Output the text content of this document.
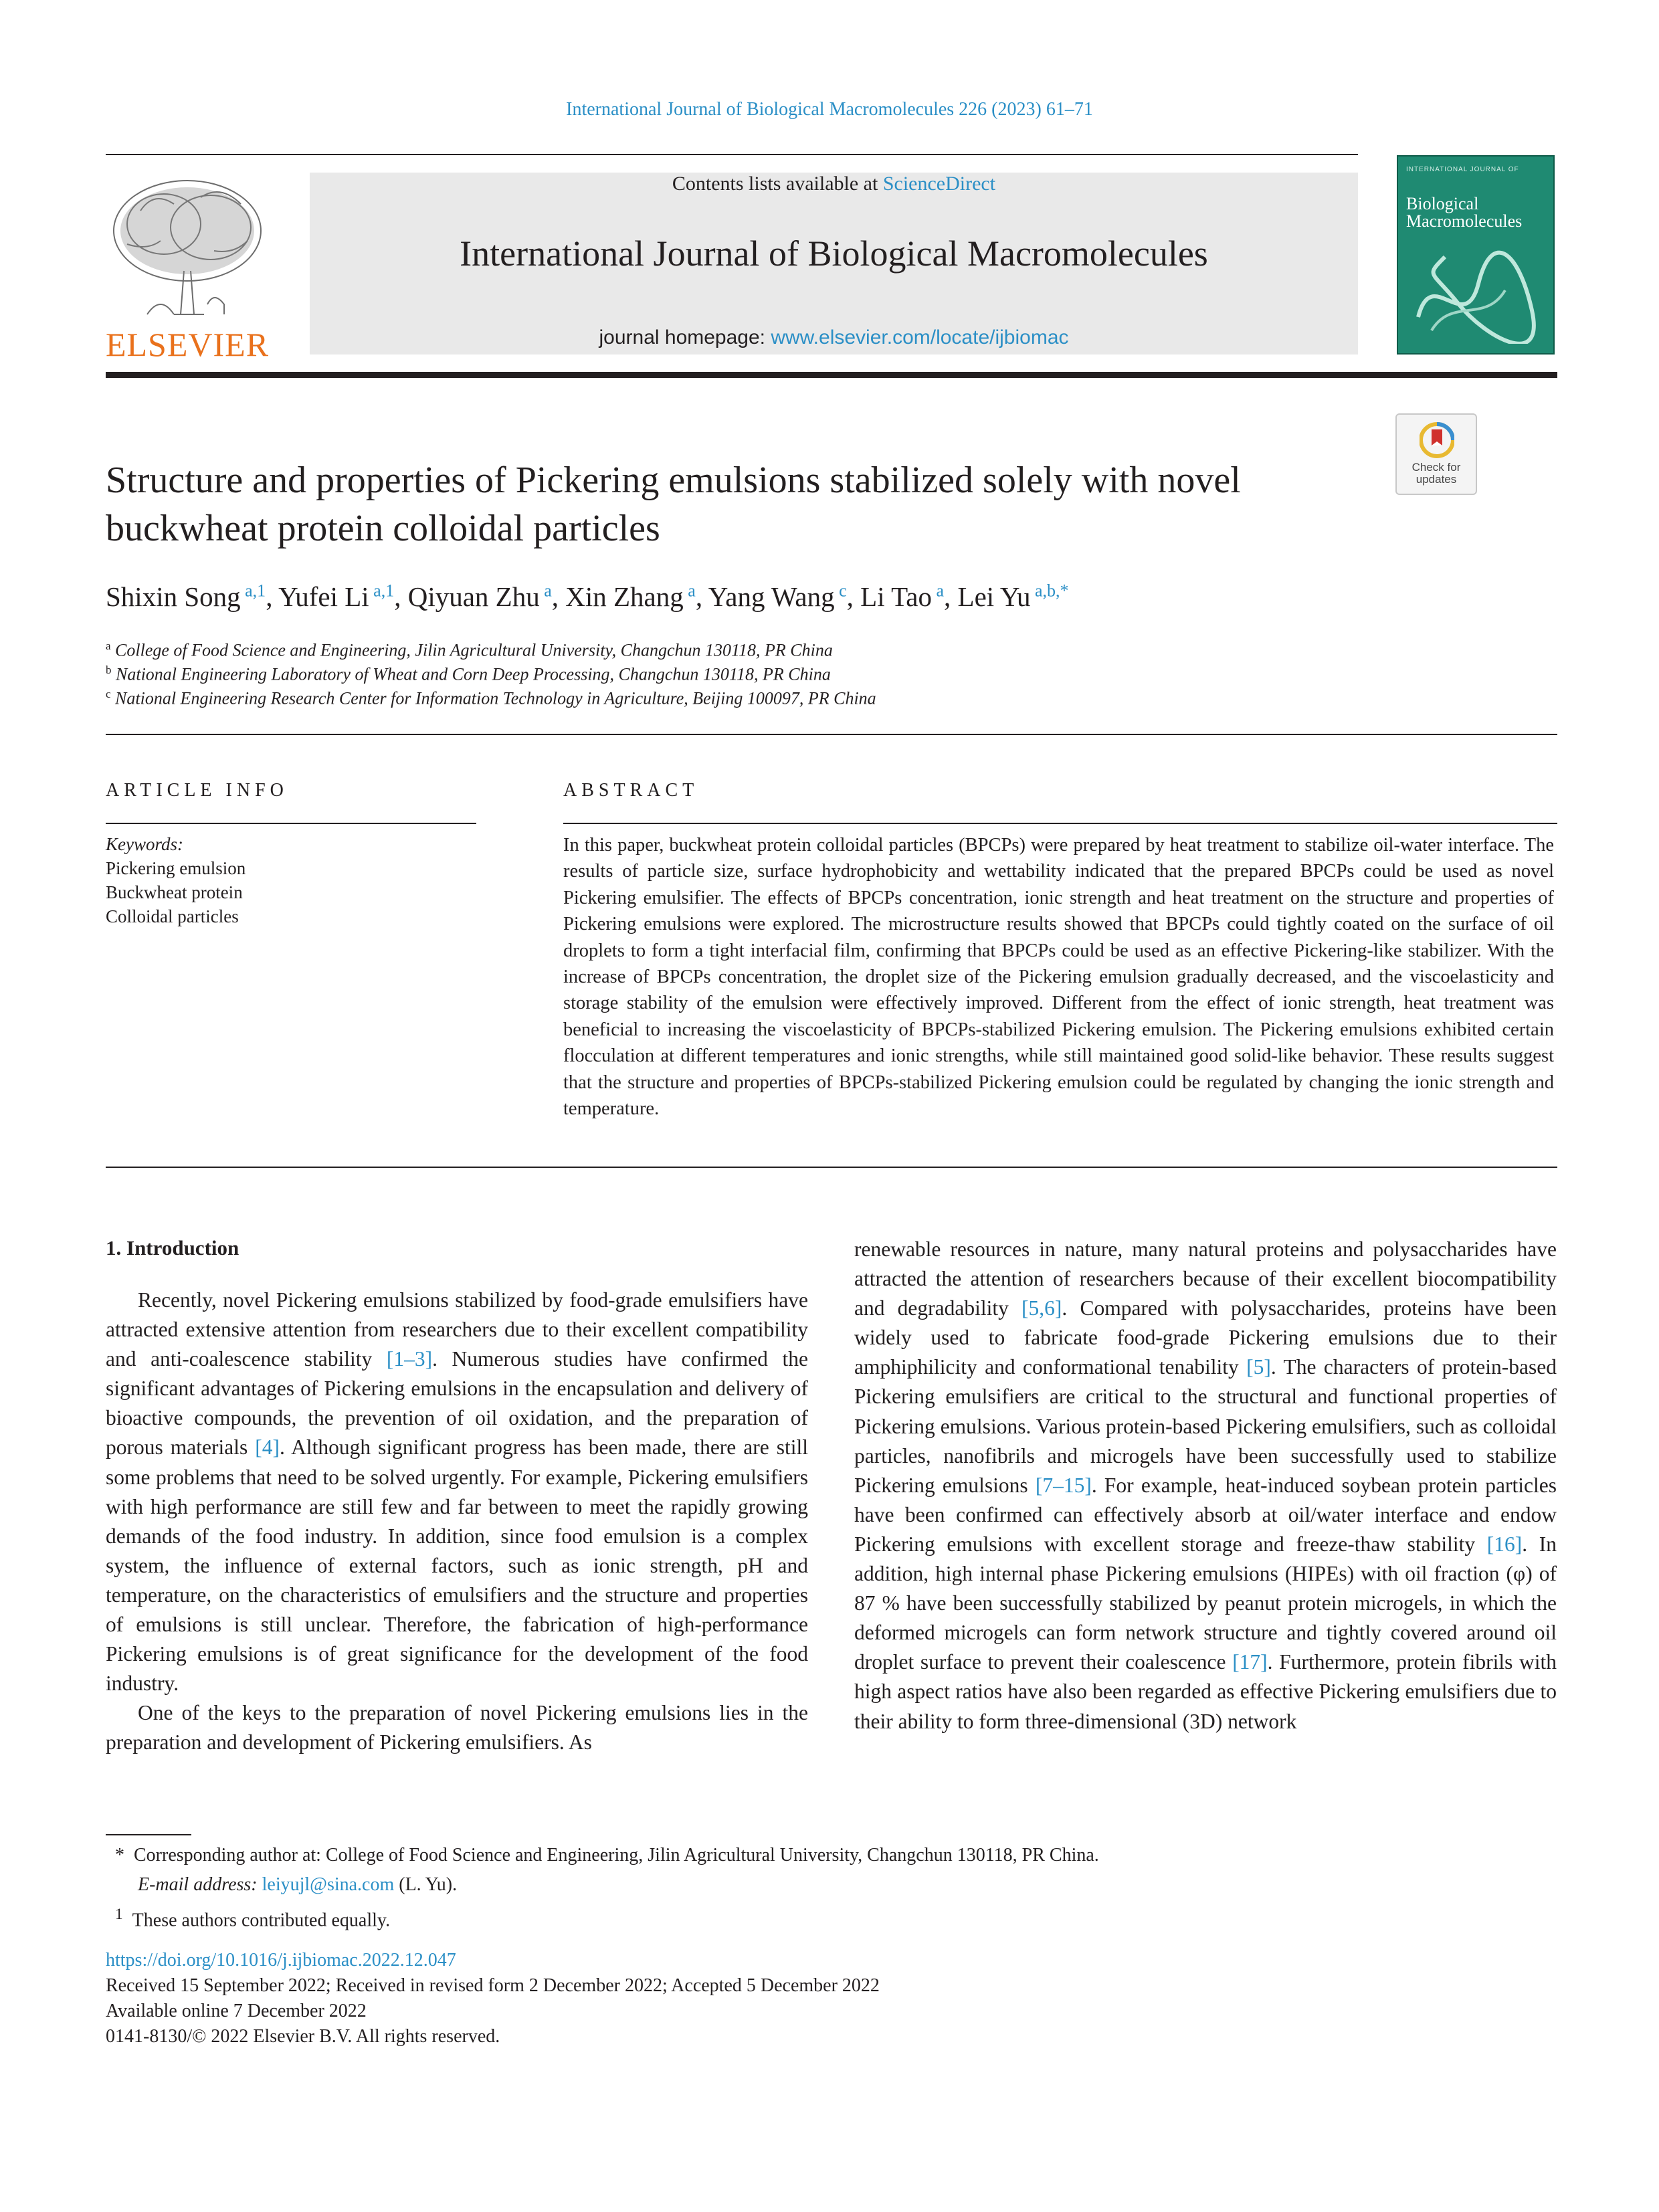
International Journal of Biological Macromolecules 226 (2023) 61–71
Contents lists available at ScienceDirect
International Journal of Biological Macromolecules
journal homepage: www.elsevier.com/locate/ijbiomac
ELSEVIER
INTERNATIONAL JOURNAL OF
Biological Macromolecules
Check for updates
Structure and properties of Pickering emulsions stabilized solely with novel buckwheat protein colloidal particles
Shixin Song $^{a,1}$, Yufei Li $^{a,1}$, Qiyuan Zhu $^a$, Xin Zhang $^a$, Yang Wang $^c$, Li Tao $^a$, Lei Yu $^{a,b,*}$
$^a$ College of Food Science and Engineering, Jilin Agricultural University, Changchun 130118, PR China
$^b$ National Engineering Laboratory of Wheat and Corn Deep Processing, Changchun 130118, PR China
$^c$ National Engineering Research Center for Information Technology in Agriculture, Beijing 100097, PR China
ARTICLE INFO
Keywords:
Pickering emulsion
Buckwheat protein
Colloidal particles
ABSTRACT
In this paper, buckwheat protein colloidal particles (BPCPs) were prepared by heat treatment to stabilize oil-water interface. The results of particle size, surface hydrophobicity and wettability indicated that the prepared BPCPs could be used as novel Pickering emulsifier. The effects of BPCPs concentration, ionic strength and heat treatment on the structure and properties of Pickering emulsions were explored. The microstructure results showed that BPCPs could tightly coated on the surface of oil droplets to form a tight interfacial film, confirming that BPCPs could be used as an effective Pickering-like stabilizer. With the increase of BPCPs concentration, the droplet size of the Pickering emulsion gradually decreased, and the viscoelasticity and storage stability of the emulsion were effectively improved. Different from the effect of ionic strength, heat treatment was beneficial to increasing the viscoelasticity of BPCPs-stabilized Pickering emulsion. The Pickering emulsions exhibited certain flocculation at different temperatures and ionic strengths, while still maintained good solid-like behavior. These results suggest that the structure and properties of BPCPs-stabilized Pickering emulsion could be regulated by changing the ionic strength and temperature.
1. Introduction

Recently, novel Pickering emulsions stabilized by food-grade emulsifiers have attracted extensive attention from researchers due to their excellent compatibility and anti-coalescence stability [1–3]. Numerous studies have confirmed the significant advantages of Pickering emulsions in the encapsulation and delivery of bioactive compounds, the prevention of oil oxidation, and the preparation of porous materials [4]. Although significant progress has been made, there are still some problems that need to be solved urgently. For example, Pickering emulsifiers with high performance are still few and far between to meet the rapidly growing demands of the food industry. In addition, since food emulsion is a complex system, the influence of external factors, such as ionic strength, pH and temperature, on the characteristics of emulsifiers and the structure and properties of emulsions is still unclear. Therefore, the fabrication of high-performance Pickering emulsions is of great significance for the development of the food industry.

One of the keys to the preparation of novel Pickering emulsions lies in the preparation and development of Pickering emulsifiers. As

renewable resources in nature, many natural proteins and polysaccharides have attracted the attention of researchers because of their excellent biocompatibility and degradability [5,6]. Compared with polysaccharides, proteins have been widely used to fabricate food-grade Pickering emulsions due to their amphiphilicity and conformational tenability [5]. The characters of protein-based Pickering emulsifiers are critical to the structural and functional properties of Pickering emulsions. Various protein-based Pickering emulsifiers, such as colloidal particles, nanofibrils and microgels have been successfully used to stabilize Pickering emulsions [7–15]. For example, heat-induced soybean protein particles have been confirmed can effectively absorb at oil/water interface and endow Pickering emulsions with excellent storage and freeze-thaw stability [16]. In addition, high internal phase Pickering emulsions (HIPEs) with oil fraction (φ) of 87 % have been successfully stabilized by peanut protein microgels, in which the deformed microgels can form network structure and tightly covered around oil droplet surface to prevent their coalescence [17]. Furthermore, protein fibrils with high aspect ratios have also been regarded as effective Pickering emulsifiers due to their ability to form three-dimensional (3D) network

* Corresponding author at: College of Food Science and Engineering, Jilin Agricultural University, Changchun 130118, PR China.
E-mail address: leiyujl@sina.com (L. Yu).
$^1$ These authors contributed equally.
https://doi.org/10.1016/j.ijbiomac.2022.12.047
Received 15 September 2022; Received in revised form 2 December 2022; Accepted 5 December 2022
Available online 7 December 2022
0141-8130/© 2022 Elsevier B.V. All rights reserved.
